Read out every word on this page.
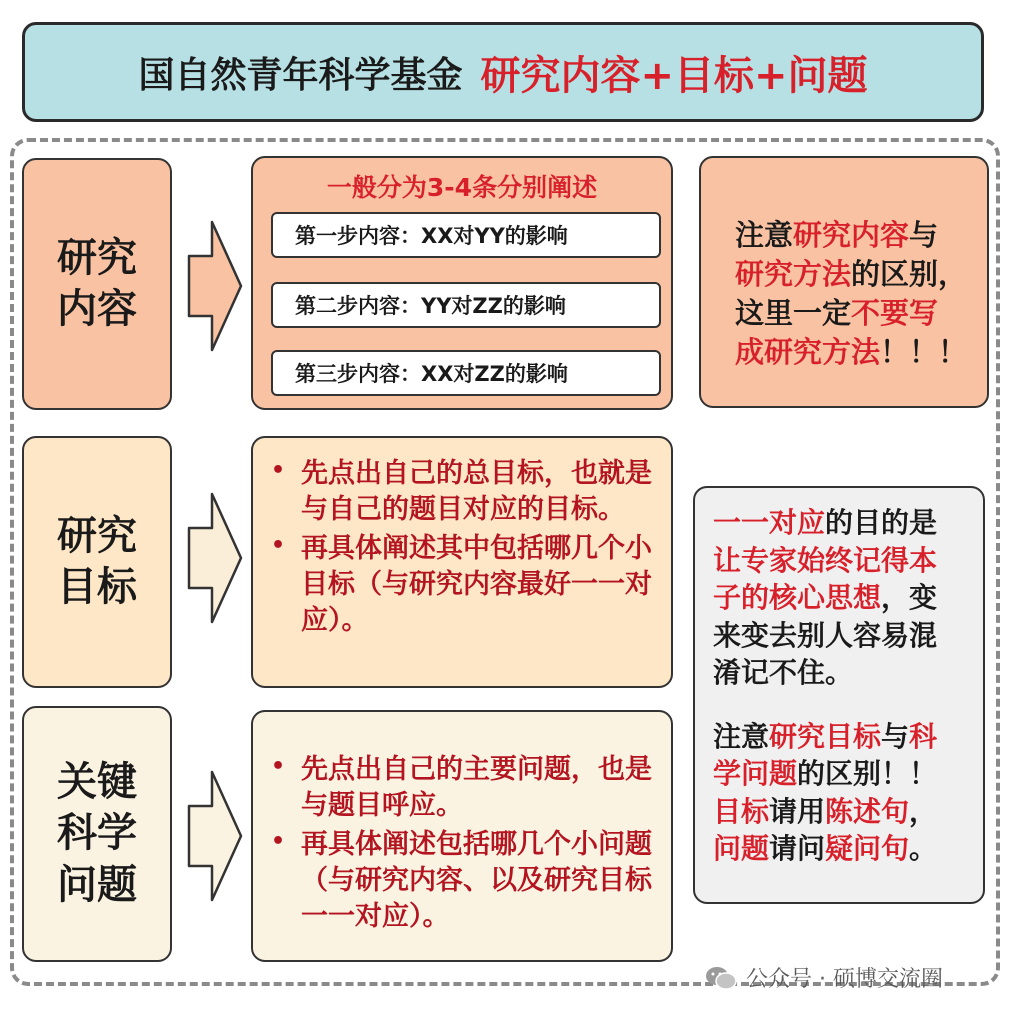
国自然青年科学基金 研究内容+目标+问题
研究
内容
一般分为3-4条分别阐述
第一步内容：XX对YY的影响
第二步内容：YY对ZZ的影响
第三步内容：XX对ZZ的影响

注意研究内容与

研究方法的区别，

这里一定不要写

成研究方法！！！

研究
目标
• 先点出自己的总目标，也就是与自己的题目对应的目标。
• 再具体阐述其中包括哪几个小目标（与研究内容最好一一对应）。
关键
科学
问题
• 先点出自己的主要问题，也是与题目呼应。
• 再具体阐述包括哪几个小问题（与研究内容、以及研究目标一一对应）。

一一对应的目的是

让专家始终记得本

子的核心思想，变

来变去别人容易混

淆记不住。

注意研究目标与科

学问题的区别！！

目标请用陈述句，

问题请问疑问句。

公众号 · 硕博交流圈
